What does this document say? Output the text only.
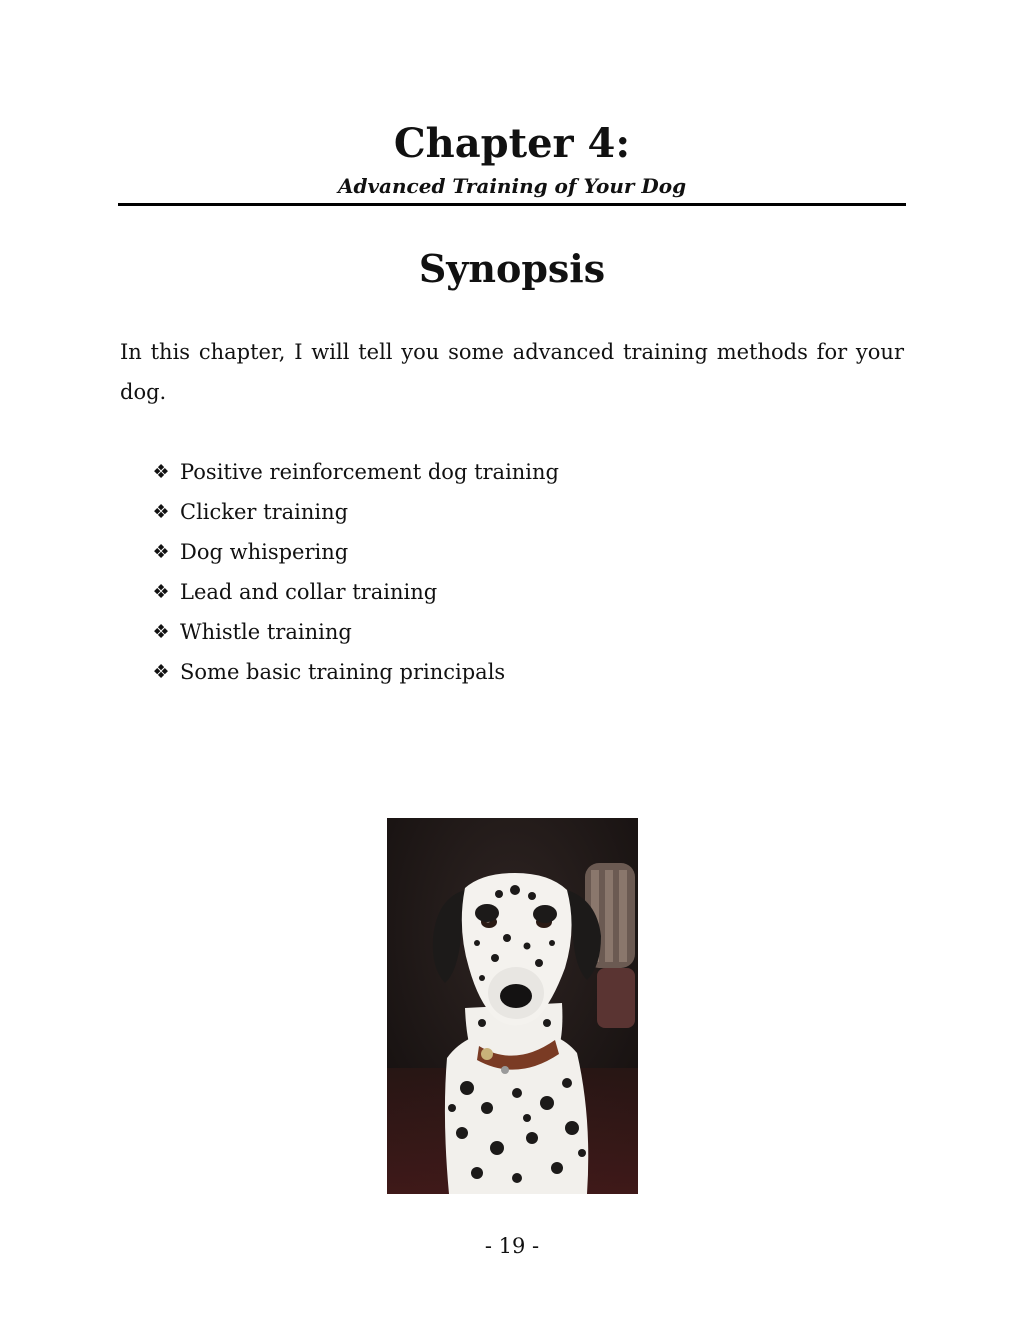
Chapter 4:

Advanced Training of Your Dog

Synopsis

In this chapter, I will tell you some advanced training methods for your dog.

❖ Positive reinforcement dog training
❖ Clicker training
❖ Dog whispering
❖ Lead and collar training
❖ Whistle training
❖ Some basic training principals

- 19 -
